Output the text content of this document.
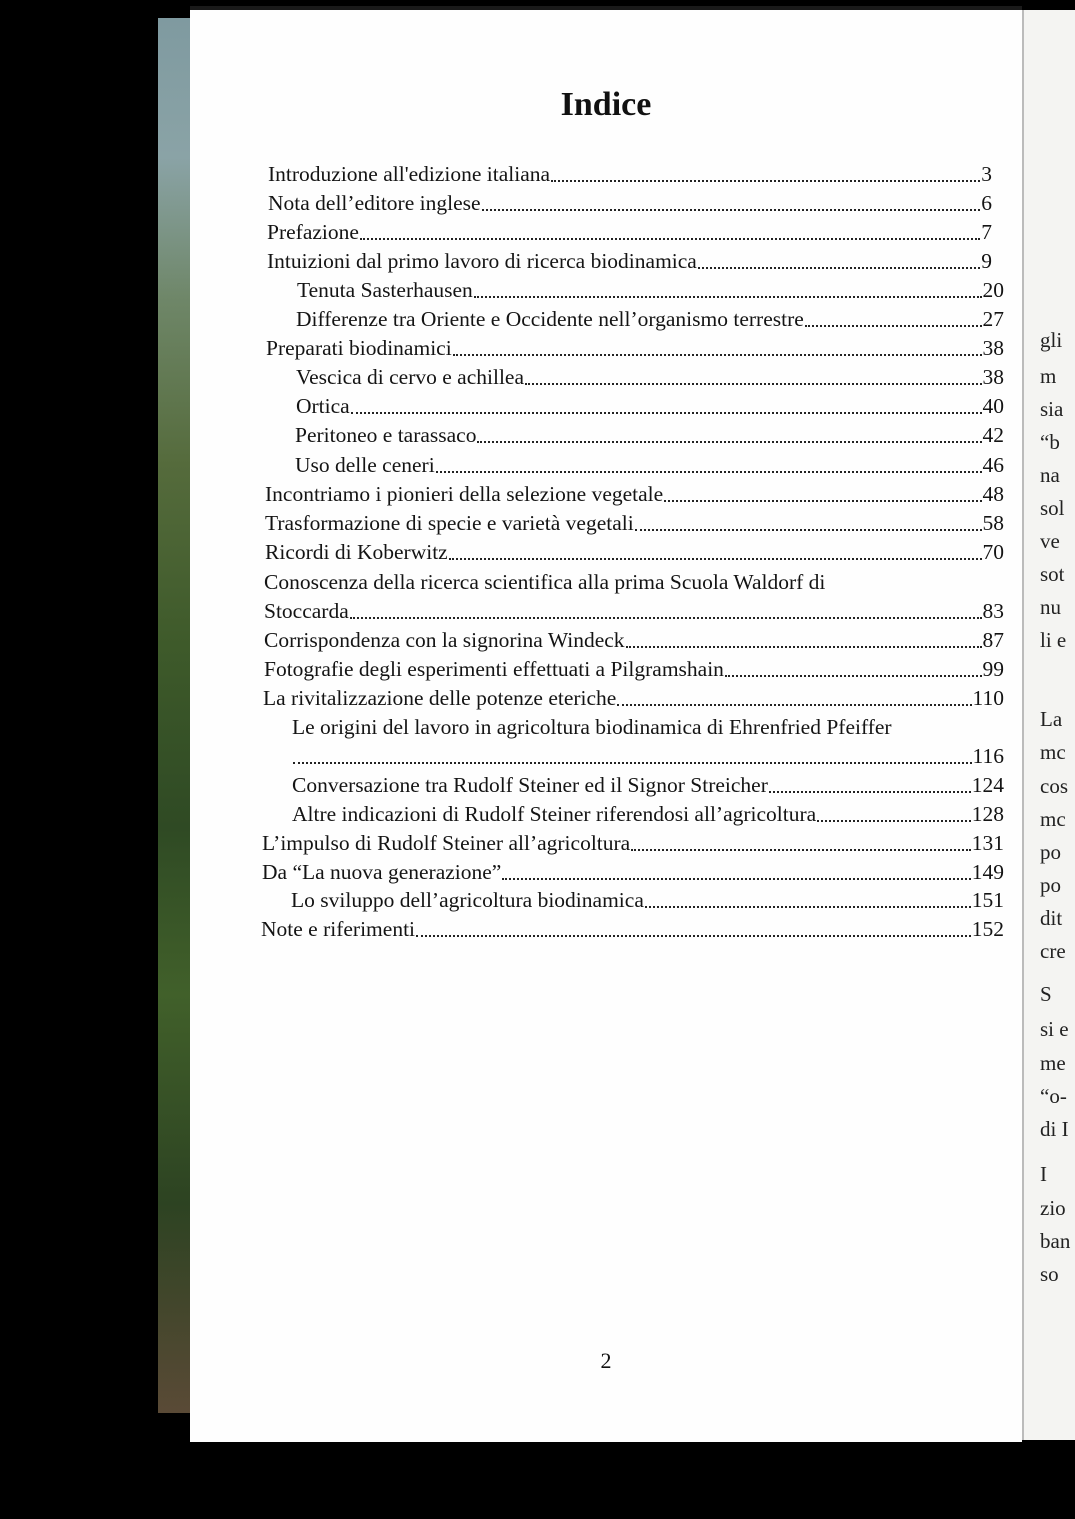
Indice
Introduzione all'edizione italiana	3
Nota dell’editore inglese	6
Prefazione	7
Intuizioni dal primo lavoro di ricerca biodinamica	9
Tenuta Sasterhausen	20
Differenze tra Oriente e Occidente nell’organismo terrestre	27
Preparati biodinamici	38
Vescica di cervo e achillea	38
Ortica	40
Peritoneo e tarassaco	42
Uso delle ceneri	46
Incontriamo i pionieri della selezione vegetale	48
Trasformazione di specie e varietà vegetali	58
Ricordi di Koberwitz	70
Conoscenza della ricerca scientifica alla prima Scuola Waldorf di
Stoccarda	83
Corrispondenza con la signorina Windeck	87
Fotografie degli esperimenti effettuati a Pilgramshain	99
La rivitalizzazione delle potenze eteriche	110
Le origini del lavoro in agricoltura biodinamica di Ehrenfried Pfeiffer
116
Conversazione tra Rudolf Steiner ed il Signor Streicher	124
Altre indicazioni di Rudolf Steiner riferendosi all’agricoltura	128
L’impulso di Rudolf Steiner all’agricoltura	131
Da “La nuova generazione”	149
Lo sviluppo dell’agricoltura biodinamica	151
Note e riferimenti	152
2
gli
m
sia
“b
na
sol
ve
sot
nu
li e
La
mc
cos
mc
po
po
dit
cre
S
si e
me
“o-
di I
I
zio
ban
so
